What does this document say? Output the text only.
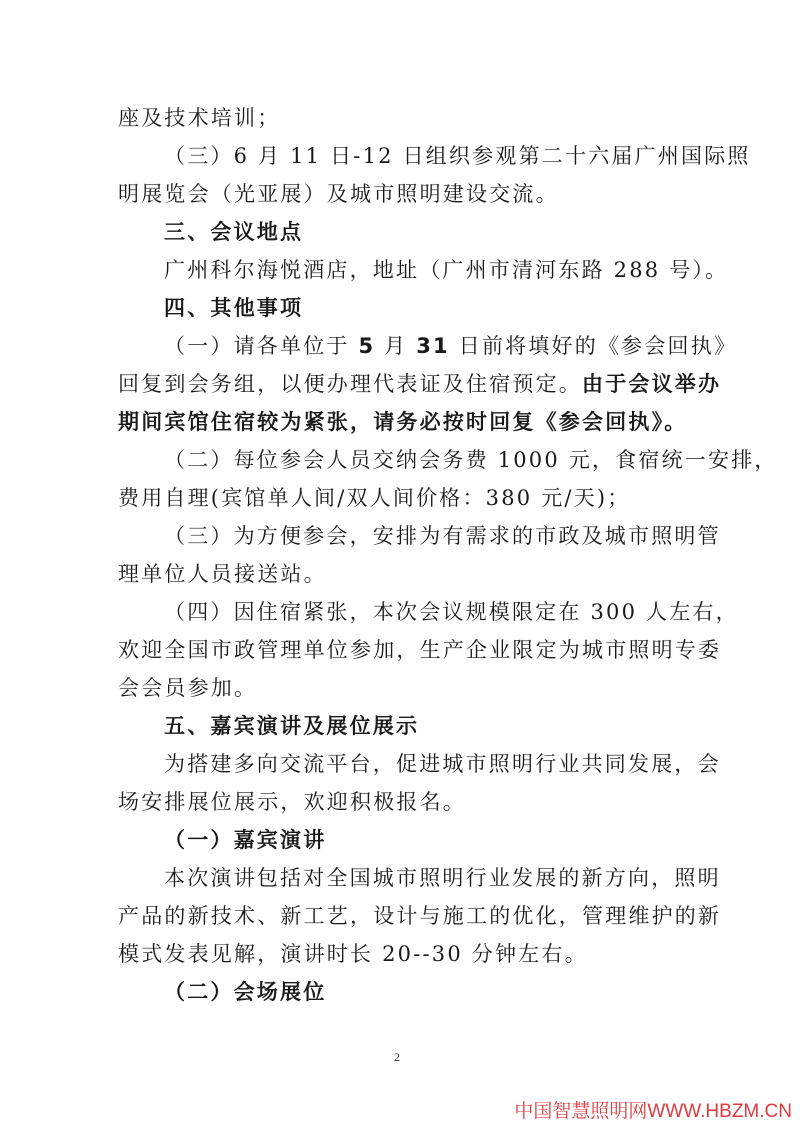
座及技术培训；
（三）6 月 11 日-12 日组织参观第二十六届广州国际照
明展览会（光亚展）及城市照明建设交流。
三、会议地点
广州科尔海悦酒店，地址（广州市清河东路 288 号）。
四、其他事项
（一）请各单位于 5 月 31 日前将填好的《参会回执》
回复到会务组，以便办理代表证及住宿预定。由于会议举办
期间宾馆住宿较为紧张，请务必按时回复《参会回执》。
（二）每位参会人员交纳会务费 1000 元，食宿统一安排，
费用自理(宾馆单人间/双人间价格：380 元/天)；
（三）为方便参会，安排为有需求的市政及城市照明管
理单位人员接送站。
（四）因住宿紧张，本次会议规模限定在 300 人左右，
欢迎全国市政管理单位参加，生产企业限定为城市照明专委
会会员参加。
五、嘉宾演讲及展位展示
为搭建多向交流平台，促进城市照明行业共同发展，会
场安排展位展示，欢迎积极报名。
（一）嘉宾演讲
本次演讲包括对全国城市照明行业发展的新方向，照明
产品的新技术、新工艺，设计与施工的优化，管理维护的新
模式发表见解，演讲时长 20--30 分钟左右。
（二）会场展位
2
中国智慧照明网WWW.HBZM.CN
